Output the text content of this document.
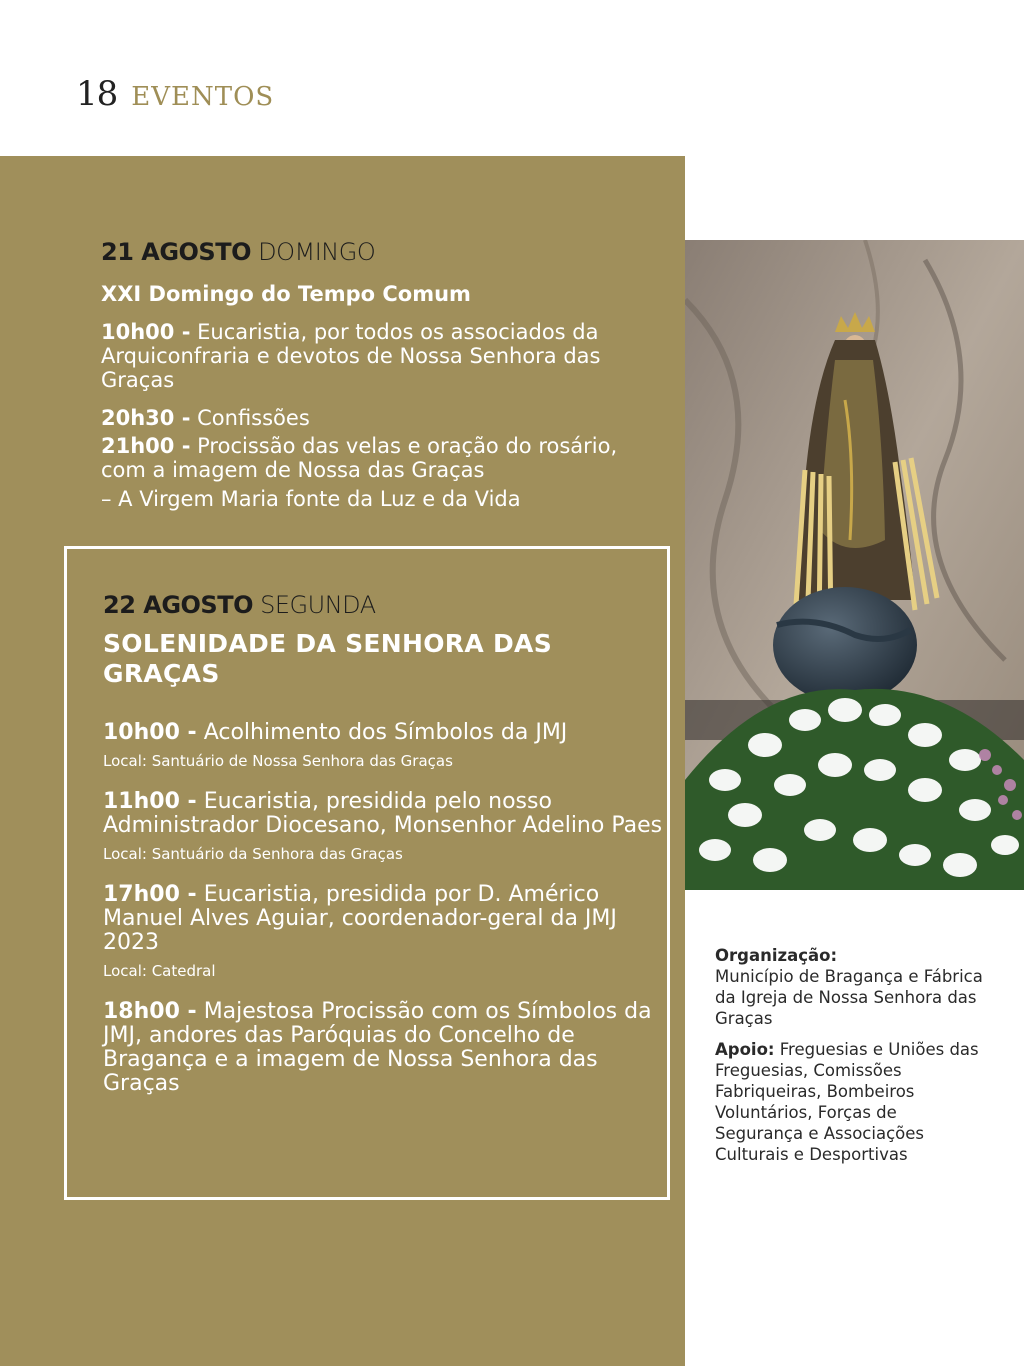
18 EVENTOS
21 AGOSTO DOMINGO
XXI Domingo do Tempo Comum
10h00 - Eucaristia, por todos os associados da Arquiconfraria e devotos de Nossa Senhora das Graças
20h30 - Confissões
21h00 - Procissão das velas e oração do rosário, com a imagem de Nossa das Graças
– A Virgem Maria fonte da Luz e da Vida
22 AGOSTO SEGUNDA
SOLENIDADE DA SENHORA DAS GRAÇAS
10h00 - Acolhimento dos Símbolos da JMJ
Local: Santuário de Nossa Senhora das Graças
11h00 - Eucaristia, presidida pelo nosso Administrador Diocesano, Monsenhor Adelino Paes
Local: Santuário da Senhora das Graças
17h00 - Eucaristia, presidida por D. Américo Manuel Alves Aguiar, coordenador-geral da JMJ 2023
Local: Catedral
18h00 - Majestosa Procissão com os Símbolos da JMJ, andores das Paróquias do Concelho de Bragança e a imagem de Nossa Senhora das Graças
Organização:
Município de Bragança e Fábrica da Igreja de Nossa Senhora das Graças
Apoio: Freguesias e Uniões das Freguesias, Comissões Fabriqueiras, Bombeiros Voluntários, Forças de Segurança e Associações Culturais e Desportivas
